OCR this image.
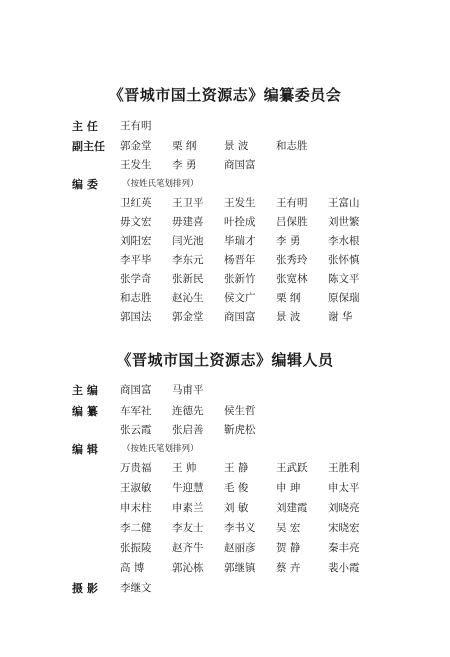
《晋城市国土资源志》编纂委员会
主 任	王有明
副主任	郭金堂 栗 纲	景 波	和志胜
王发生 李 勇	商国富
编 委	（按姓氏笔划排列）
卫红英 王卫平 王发生 王有明 王富山
毋文宏 毋建喜 叶拴成 吕保胜 刘世繁
刘阳宏 闫光池 毕瑞才 李 勇	李水根
李平毕 李东元 杨晋年 张秀玲 张怀慎
张学奇 张新民 张新竹 张宽林 陈文平
和志胜 赵沁生 侯文广 栗 纲	原保瑞
郭国法 郭金堂 商国富 景 波	谢 华
《晋城市国土资源志》编辑人员
主 编	商国富 马甫平
编 纂	车军社 连德先 侯生哲
张云霞 张启善 靳虎松
编 辑	（按姓氏笔划排列）
万贵福 王 帅	王 静	王武跃 王胜利
王淑敏 牛迎慧 毛 俊	申 珅	申太平
申末柱 申素兰 刘 敏	刘建霞 刘晓亮
李二健 李友士 李书义 吴 宏	宋晓宏
张振陵 赵齐牛 赵丽彦 贺 静	秦丰亮
高 博	郭沁栋 郭继镇 蔡 卉	裴小霞
摄 影	李继文
